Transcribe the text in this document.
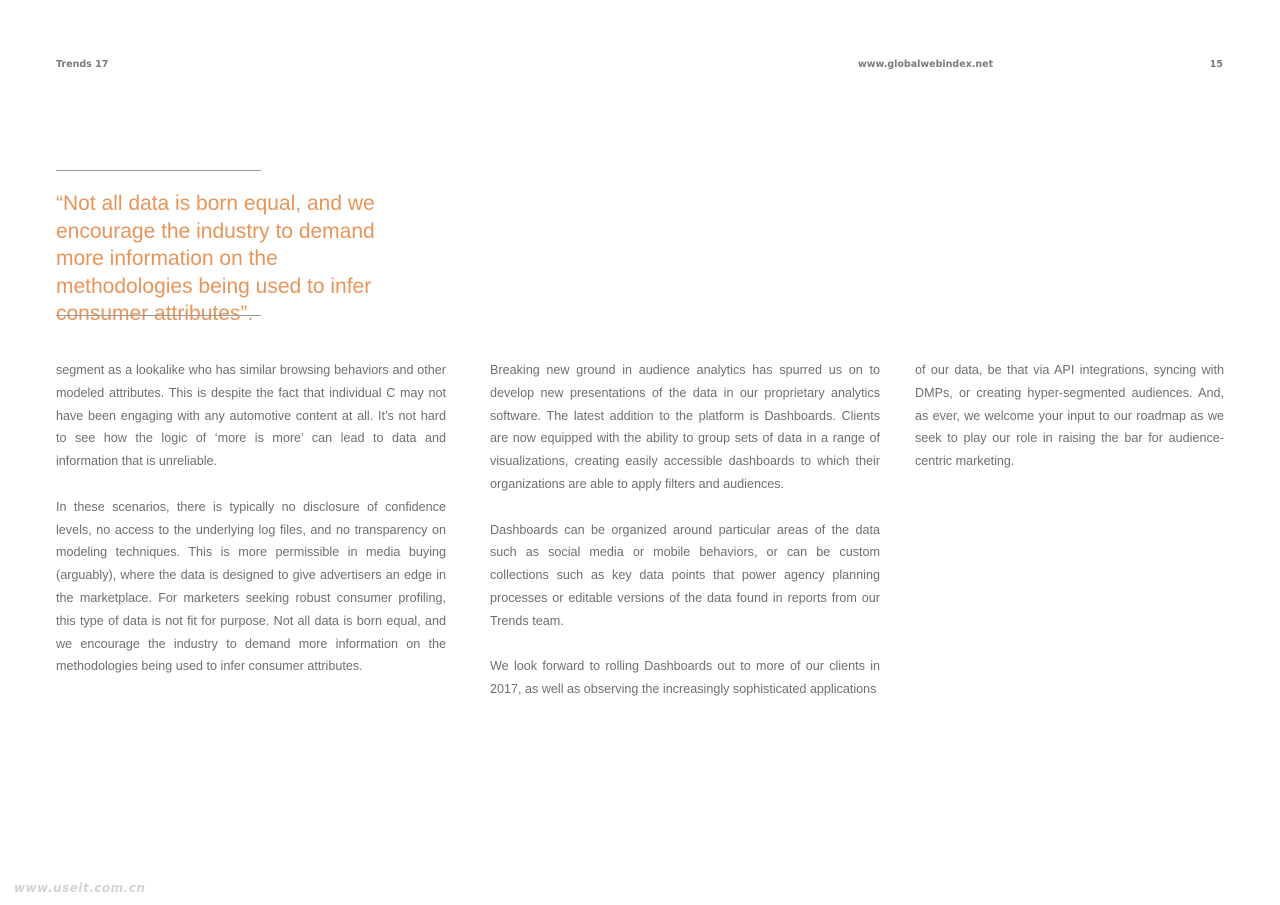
Trends 17	www.globalwebindex.net	15

“Not all data is born equal, and we encourage the industry to demand more information on the methodologies being used to infer consumer attributes”.

segment as a lookalike who has similar browsing behaviors and other modeled attributes. This is despite the fact that individual C may not have been engaging with any automotive content at all. It’s not hard to see how the logic of ‘more is more’ can lead to data and information that is unreliable.

In these scenarios, there is typically no disclosure of confidence levels, no access to the underlying log files, and no transparency on modeling techniques. This is more permissible in media buying (arguably), where the data is designed to give advertisers an edge in the marketplace. For marketers seeking robust consumer profiling, this type of data is not fit for purpose. Not all data is born equal, and we encourage the industry to demand more information on the methodologies being used to infer consumer attributes.

Breaking new ground in audience analytics has spurred us on to develop new presentations of the data in our proprietary analytics software. The latest addition to the platform is Dashboards. Clients are now equipped with the ability to group sets of data in a range of visualizations, creating easily accessible dashboards to which their organizations are able to apply filters and audiences.

Dashboards can be organized around particular areas of the data such as social media or mobile behaviors, or can be custom collections such as key data points that power agency planning processes or editable versions of the data found in reports from our Trends team.

We look forward to rolling Dashboards out to more of our clients in 2017, as well as observing the increasingly sophisticated applications

of our data, be that via API integrations, syncing with DMPs, or creating hyper-segmented audiences. And, as ever, we welcome your input to our roadmap as we seek to play our role in raising the bar for audience-centric marketing.

www.useit.com.cn
